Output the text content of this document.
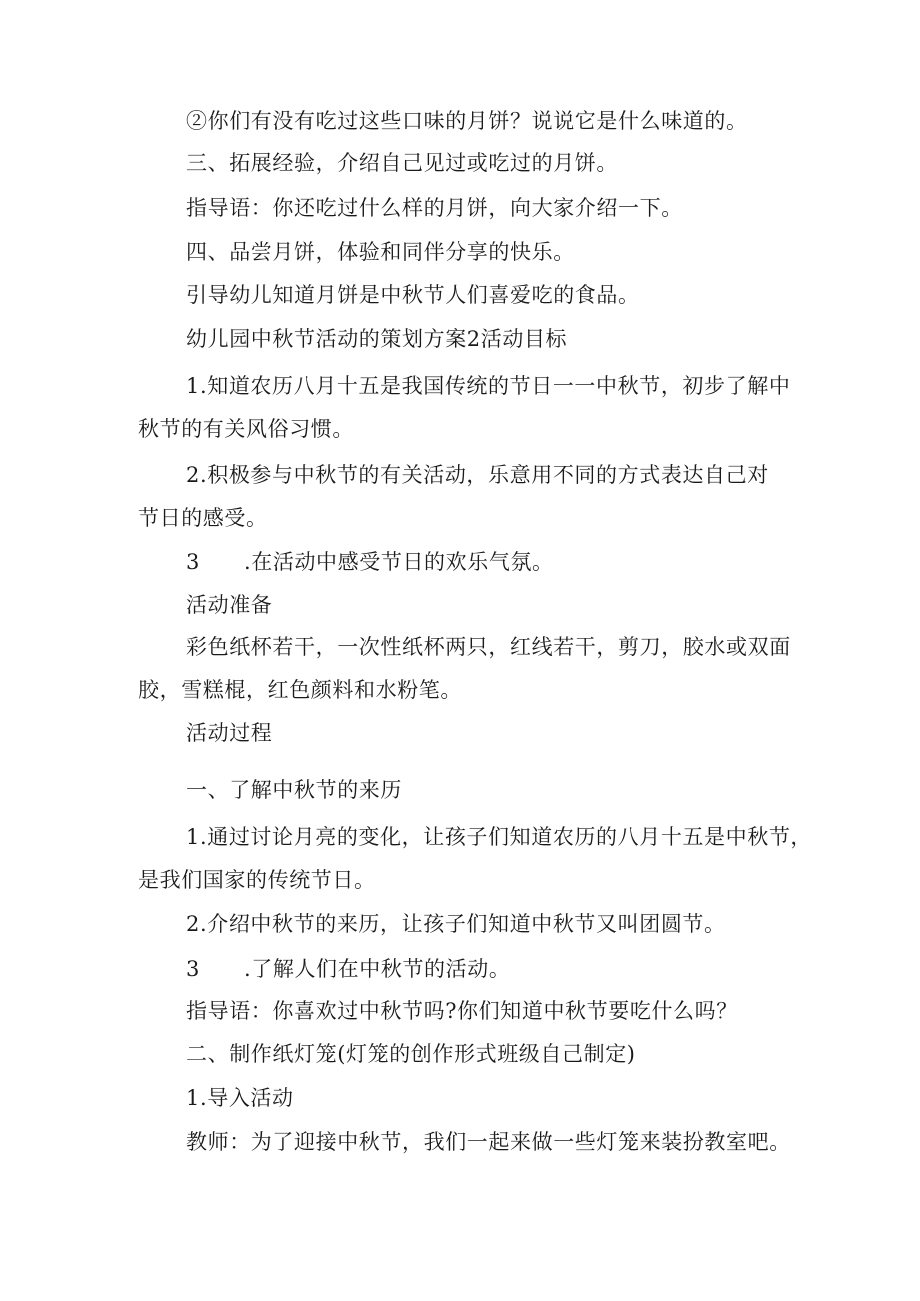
②你们有没有吃过这些口味的月饼？说说它是什么味道的。
三、拓展经验，介绍自己见过或吃过的月饼。
指导语：你还吃过什么样的月饼，向大家介绍一下。
四、品尝月饼，体验和同伴分享的快乐。
引导幼儿知道月饼是中秋节人们喜爱吃的食品。
幼儿园中秋节活动的策划方案2活动目标
1.知道农历八月十五是我国传统的节日一一中秋节，初步了解中
秋节的有关风俗习惯。
2.积极参与中秋节的有关活动，乐意用不同的方式表达自己对
节日的感受。
3 .在活动中感受节日的欢乐气氛。
活动准备
彩色纸杯若干，一次性纸杯两只，红线若干，剪刀，胶水或双面
胶，雪糕棍，红色颜料和水粉笔。
活动过程
一、了解中秋节的来历
1.通过讨论月亮的变化，让孩子们知道农历的八月十五是中秋节，
是我们国家的传统节日。
2.介绍中秋节的来历，让孩子们知道中秋节又叫团圆节。
3 .了解人们在中秋节的活动。
指导语：你喜欢过中秋节吗?你们知道中秋节要吃什么吗？
二、制作纸灯笼(灯笼的创作形式班级自己制定)
1.导入活动
教师：为了迎接中秋节，我们一起来做一些灯笼来装扮教室吧。
